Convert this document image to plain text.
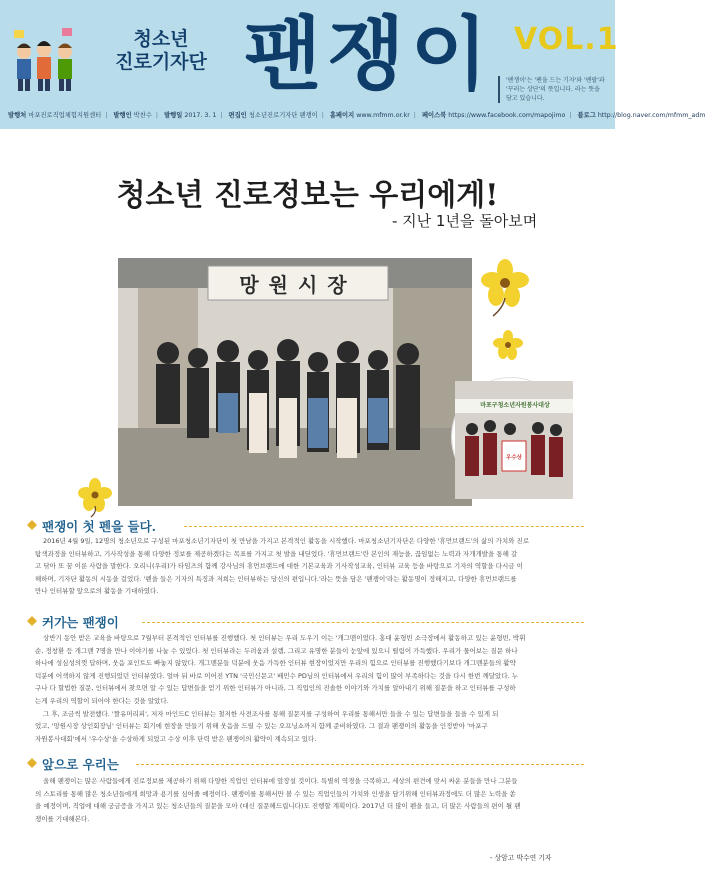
청소년
진로기자단 팬쟁이 VOL.1
'팬쟁이'는 '팬을 드는 기자'와 '팬팔'과
'꾸러는 상단'의 뜻입니다. 라는 뜻을
담고 있습니다.
발행처 마포진로직업체험지원센터 | 발행인 박찬수 | 발행일 2017. 3. 1 | 편집인 청소년진로기자단 팬쟁이 | 홈페이지 www.mfmm.or.kr | 페이스북 https://www.facebook.com/mapojimo | 블로그 http://blog.naver.com/mfmm_adm
청소년 진로정보는 우리에게!
- 지난 1년을 돌아보며
망원시장
마포구청소년자원봉사대상
우수상
팬쟁이 첫 펜을 들다.
2016년 4월 9일, 12명의 청소년으로 구성된 마포청소년기자단이 첫 만남을 가지고 본격적인 활동을 시작했다. 마포청소년기자단은 다양한 '휴먼브랜드'의 삶의 가치와 진로
탐색과정을 인터뷰하고, 기사작성을 통해 다양한 정보를 제공하겠다는 목표를 가지고 첫 발을 내딛었다. '휴먼브랜드'란 본인의 재능을, 끊임없는 노력과 자개개발을 통해 갈
고 닦아 또 꿈 이룬 사람을 말한다. 오리니(우리)가 타임즈의 함께 강사님의 휴먼브랜드에 대한 기본교육과 기사작성교육, 인터뷰 교육 등을 바탕으로 기자의 역할을 다시금 이
해하며, 기자단 활동의 시동을 걸었다. '펜을 들은 기자의 특징과 저희는 인터뷰하는 당신의 편입니다.'라는 뜻을 담은 '팬쟁이'라는 활동명이 정해지고, 다양한 휴먼브랜드를
만나 인터뷰할 앞으로의 활동을 기대하였다.
커가는 팬쟁이
상반기 동안 받은 교육을 바탕으로 7월부터 본격적인 인터뷰를 진행했다. 첫 인터뷰는 우리 도우기 이는 '개그맨이었다. 홍대 윤형빈 소극장에서 활동하고 있는 윤형빈, 박휘
순, 정창환 등 개그맨 7명을 만나 이야기를 나눌 수 있었다. 첫 인터뷰라는 두려움과 설렘, 그리고 유명한 분들이 눈앞에 있으니 떨림이 가득했다. 우리가 물어보는 질문 하나
하나에 성심성의껏 답하며, 웃음 포인트도 빠놓지 않았다. 개그맨분들 덕분에 웃음 가득한 인터뷰 현장이었지만 우리의 힘으로 인터뷰를 진행했다기보다 개그맨분들의 활약
덕분에 어색하지 않게 진행되었던 인터뷰였다. 얼마 뒤 바로 이어진 YTN '국민신문고' 배민수 PD님의 인터뷰에서 우리의 힘이 많이 부족하다는 것을 다시 한번 깨달았다. 누
구나 다 할법한 질문, 인터뷰에서 찾으면 알 수 있는 답변들을 얻기 위한 인터뷰가 아니라, 그 직업인의 진솔한 이야기와 가치를 알아내기 위해 질문을 하고 인터뷰를 구성하
는게 우리의 역할이 되어야 한다는 것을 알았다.
그 후, 조금씩 발전했다. '짤유머리피', 저자 마인드C 인터뷰는 철저한 사전조사를 통해 질문지를 구성하여 우리를 통해서만 들을 수 있는 답변들을 들을 수 있게 되
었고, '망원시장 상인회장님' 인터뷰는 회기에 현장을 만들기 위해 웃음을 드릴 수 있는 오프닝쇼까지 함께 준비하였다. 그 결과 팬쟁이의 활동을 인정받아 '마포구
자원봉사대회'에서 '우수상'을 수상하게 되었고 수상 이후 단력 받은 팬쟁이의 활약이 계속되고 있다.
앞으로 우리는
올해 팬쟁이는 많은 사람들에게 진로정보를 제공하기 위해 다양한 직업인 인터뷰에 앞장설 것이다. 특별히 역경을 극복하고, 세상의 편견에 맞서 싸운 분들을 만나 그분들
의 스토리를 통해 많은 청소년들에게 희망과 용기를 심어줄 예정이다. 팬쟁이를 통해서만 볼 수 있는 직업인들의 가치와 인생을 담기위해 인터뷰과정에도 더 많은 노력을 쏟
을 예정이며, 직업에 대해 궁금증을 가지고 있는 청소년들의 질문을 모아 (대신 질문해드립니다)도 진행할 계획이다. 2017년 더 많이 펜을 들고, 더 많은 사람들의 편이 될 팬
쟁이를 기대해본다.
- 상암고 박수연 기자
